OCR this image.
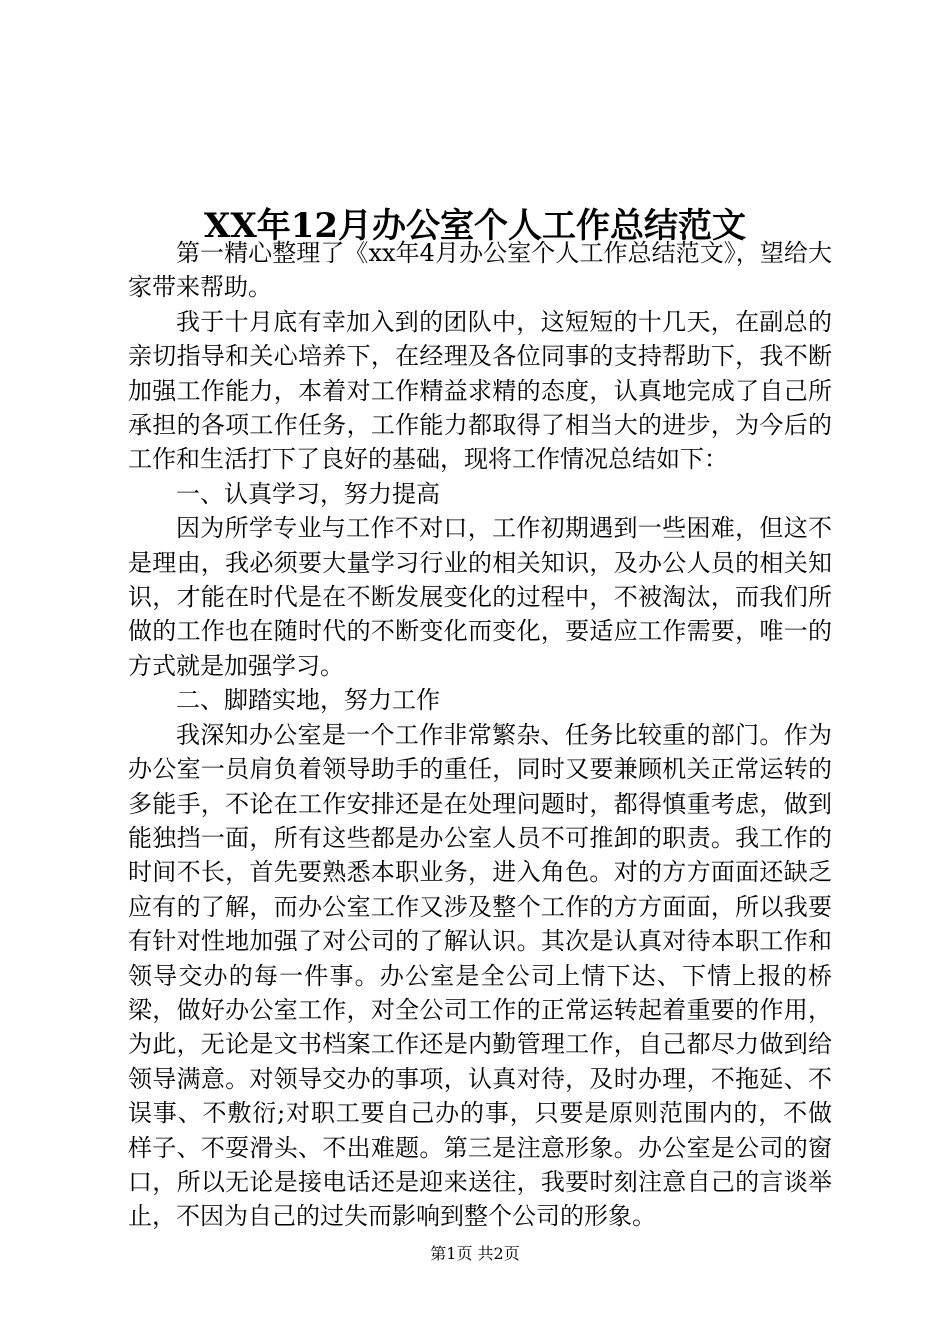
XX年12月办公室个人工作总结范文

第一精心整理了《xx年4月办公室个人工作总结范文》，望给大家带来帮助。

我于十月底有幸加入到的团队中，这短短的十几天，在副总的亲切指导和关心培养下，在经理及各位同事的支持帮助下，我不断加强工作能力，本着对工作精益求精的态度，认真地完成了自己所承担的各项工作任务，工作能力都取得了相当大的进步，为今后的工作和生活打下了良好的基础，现将工作情况总结如下：

一、认真学习，努力提高

因为所学专业与工作不对口，工作初期遇到一些困难，但这不是理由，我必须要大量学习行业的相关知识，及办公人员的相关知识，才能在时代是在不断发展变化的过程中，不被淘汰，而我们所做的工作也在随时代的不断变化而变化，要适应工作需要，唯一的方式就是加强学习。

二、脚踏实地，努力工作

我深知办公室是一个工作非常繁杂、任务比较重的部门。作为办公室一员肩负着领导助手的重任，同时又要兼顾机关正常运转的多能手，不论在工作安排还是在处理问题时，都得慎重考虑，做到能独挡一面，所有这些都是办公室人员不可推卸的职责。我工作的时间不长，首先要熟悉本职业务，进入角色。对的方方面面还缺乏应有的了解，而办公室工作又涉及整个工作的方方面面，所以我要有针对性地加强了对公司的了解认识。其次是认真对待本职工作和领导交办的每一件事。办公室是全公司上情下达、下情上报的桥梁，做好办公室工作，对全公司工作的正常运转起着重要的作用，为此，无论是文书档案工作还是内勤管理工作，自己都尽力做到给领导满意。对领导交办的事项，认真对待，及时办理，不拖延、不误事、不敷衍;对职工要自己办的事，只要是原则范围内的，不做样子、不耍滑头、不出难题。第三是注意形象。办公室是公司的窗口，所以无论是接电话还是迎来送往，我要时刻注意自己的言谈举止，不因为自己的过失而影响到整个公司的形象。

第1页 共2页
